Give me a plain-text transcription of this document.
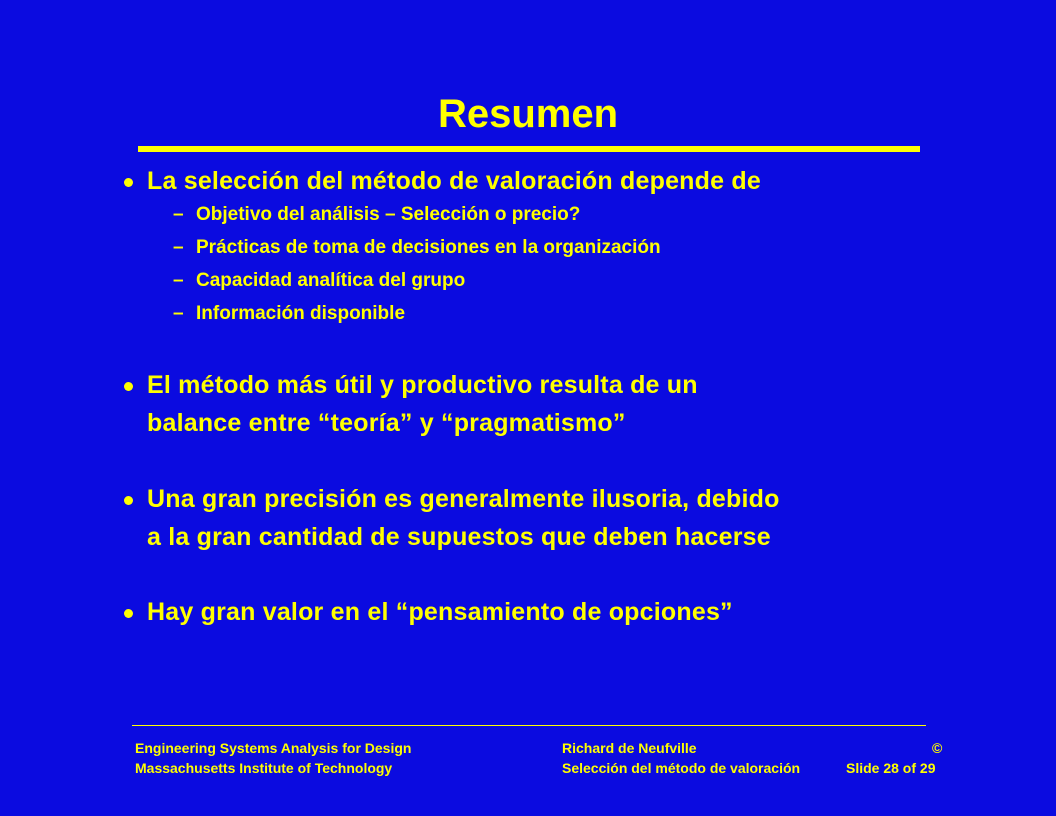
Resumen
La selección del método de valoración depende de
– Objetivo del análisis – Selección o precio?
– Prácticas de toma de decisiones en la organización
– Capacidad analítica del grupo
– Información disponible
El método más útil y productivo resulta de un
balance entre “teoría” y “pragmatismo”
Una gran precisión es generalmente ilusoria, debido
a la gran cantidad de supuestos que deben hacerse
Hay gran valor en el “pensamiento de opciones”
Engineering Systems Analysis for Design
Massachusetts Institute of Technology
Richard de Neufville	©
Selección del método de valoración	Slide 28 of 29
